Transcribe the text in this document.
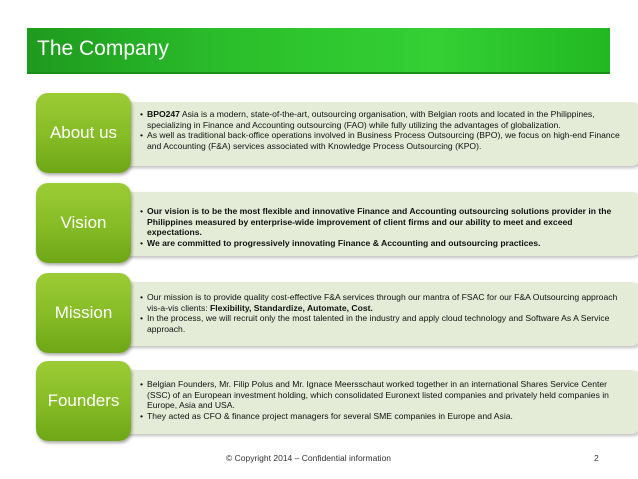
The Company
About us
• BPO247 Asia is a modern, state-of-the-art, outsourcing organisation, with Belgian roots and located in the Philippines, specializing in Finance and Accounting outsourcing (FAO) while fully utilizing the advantages of globalization.
• As well as traditional back-office operations involved in Business Process Outsourcing (BPO), we focus on high-end Finance and Accounting (F&A) services associated with Knowledge Process Outsourcing (KPO).
Vision
• Our vision is to be the most flexible and innovative Finance and Accounting outsourcing solutions provider in the Philippines measured by enterprise-wide improvement of client firms and our ability to meet and exceed expectations.
• We are committed to progressively innovating Finance & Accounting and outsourcing practices.
Mission
• Our mission is to provide quality cost-effective F&A services through our mantra of FSAC for our F&A Outsourcing approach vis-a-vis clients: Flexibility, Standardize, Automate, Cost.
• In the process, we will recruit only the most talented in the industry and apply cloud technology and Software As A Service approach.
Founders
• Belgian Founders, Mr. Filip Polus and Mr. Ignace Meersschaut worked together in an international Shares Service Center (SSC) of an European investment holding, which consolidated Euronext listed companies and privately held companies in Europe, Asia and USA.
• They acted as CFO & finance project managers for several SME companies in Europe and Asia.
© Copyright 2014 – Confidential information	2
